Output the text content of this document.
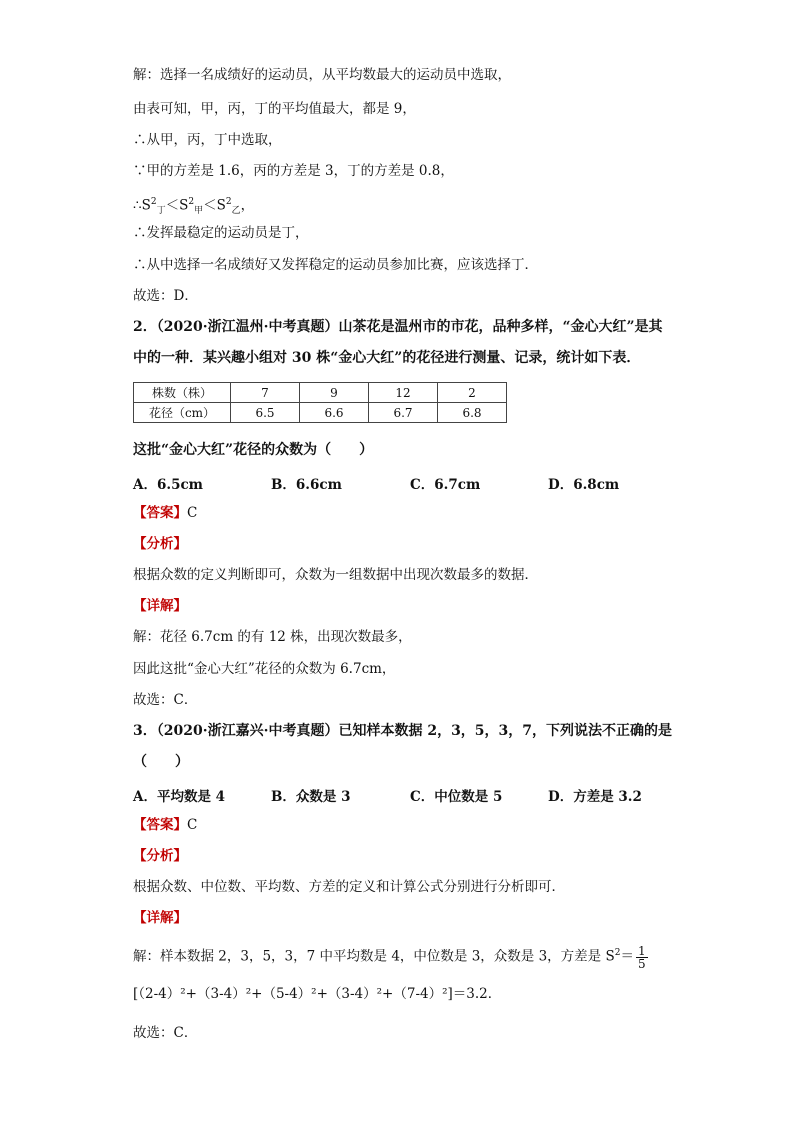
解：选择一名成绩好的运动员，从平均数最大的运动员中选取，
由表可知，甲，丙，丁的平均值最大，都是 9，
∴从甲，丙，丁中选取，
∵甲的方差是 1.6，丙的方差是 3，丁的方差是 0.8，
$\therefore S^2_丁<S^2_甲<S^2_乙$，
∴发挥最稳定的运动员是丁，
∴从中选择一名成绩好又发挥稳定的运动员参加比赛，应该选择丁．
故选：D．
2．（2020·浙江温州·中考真题）山茶花是温州市的市花，品种多样，“金心大红”是其
中的一种．某兴趣小组对 30 株“金心大红”的花径进行测量、记录，统计如下表．
株数（株）	7	9	12	2
花径（cm）	6.5	6.6	6.7	6.8
这批“金心大红”花径的众数为（　　）
A．6.5cm	B．6.6cm	C．6.7cm	D．6.8cm
【答案】C
【分析】
根据众数的定义判断即可，众数为一组数据中出现次数最多的数据．
【详解】
解：花径 6.7cm 的有 12 株，出现次数最多，
因此这批“金心大红”花径的众数为 6.7cm，
故选：C．
3．（2020·浙江嘉兴·中考真题）已知样本数据 2，3，5，3，7，下列说法不正确的是
（　　）
A．平均数是 4	B．众数是 3	C．中位数是 5	D．方差是 3.2
【答案】C
【分析】
根据众数、中位数、平均数、方差的定义和计算公式分别进行分析即可．
【详解】
解：样本数据 2，3，5，3，7 中平均数是 4，中位数是 3，众数是 3，方差是 $S^2= \frac{1}{5}$
[（2-4）²+（3-4）²+（5-4）²+（3-4）²+（7-4）²]＝3.2．
故选：C．
